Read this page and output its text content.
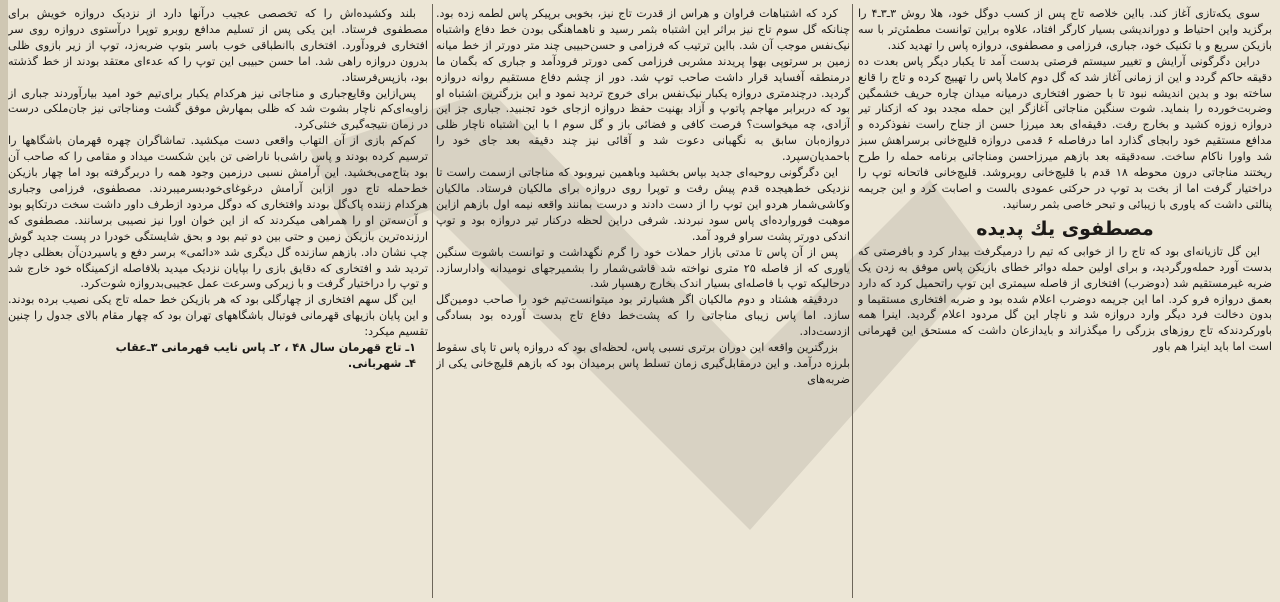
سوی یکه‌تازی آغاز کند. بااین خلاصه تاج پس از کسب دوگل خود، هلا روش ۳ـ۳ـ۴ را برگزید واین احتیاط و دوراندیشی بسیار کارگر افتاد، علاوه براین توانست مطمئن‌تر با سه بازیکن سریع و با تکنیک خود، جباری، فرزامی و مصطفوی، دروازه پاس را تهدید کند.

دراین دگرگونی آرایش و تغییر سیستم فرصتی بدست آمد تا یکبار دیگر پاس بعدت ده دقیقه حاکم گردد و این از زمانی آغاز شد که گل دوم کاملا پاس را تهییج کرده و تاج را قانع ساخته بود و بدین اندیشه نبود تا با حضور افتخاری درمیانه میدان چاره حریف خشمگین وضربت‌خورده را بنماید. شوت سنگین مناجاتی آغازگر این حمله مجدد بود که ازکنار تیر دروازه زوزه کشید و بخارج رفت. دقیقه‌ای بعد میرزا حسن از جناح راست نفوذکرده و مدافع مستقیم خود رابجای گذارد اما درفاصله ۶ قدمی دروازه قلیچ‌خانی برسراهش سبز شد واورا ناکام ساخت. سه‌دقیقه بعد بازهم میرزاحسن ومناجاتی برنامه حمله را طرح ریختند مناجاتی درون محوطه ۱۸ قدم با قلیچ‌خانی روبروشد. قلیچ‌خانی فاتحانه توپ را دراختیار گرفت اما از بخت بد توپ در حرکتی عمودی بالست و اصابت کرد و این جریمه پنالتی داشت که یاوری با زیبائی و تبحر خاصی بثمر رسانید.

مصطفوی یك پدیده

این گل تازیانه‌ای بود که تاج را از خوابی که تیم را درمیگرفت بیدار کرد و بافرصتی که بدست آورد حمله‌ورگردید، و برای اولین حمله دوائر خطای بازیکن پاس موفق به زدن یک ضربه غیرمستقیم شد (دوضرب) افتخاری از فاصله سیمتری این توپ راتحمیل کرد که دارد بعمق دروازه فرو کرد. اما این جریمه دوضرب اعلام شده بود و ضربه افتخاری مستقیما و بدون دخالت فرد دیگر وارد دروازه شد و ناچار این گل مردود اعلام گردید. اینرا همه باورکردندکه تاج روزهای بزرگی را میگذراند و بایدازعان داشت که مستحق این قهرمانی است اما باید اینرا هم باور

کرد که اشتباهات فراوان و هراس از قدرت تاج نیز، بخوبی برپیکر پاس لطمه زده بود. چنانکه گل سوم تاج نیز براثر این اشتباه بثمر رسید و ناهماهنگی بودن خط دفاع واشتباه نیک‌نفس موجب آن شد. بااین ترتیب که فرزامی و حسن‌حبیبی چند متر دورتر از خط میانه زمین بر سرتوپی بهوا پریدند مشربی فرزامی کمی دورتر فرودآمد و جباری که بگمان ما درمنطقه آفساید قرار داشت صاحب توپ شد. دور از چشم دفاع مستقیم روانه دروازه گردید. درچندمتری دروازه یکبار نیک‌نفس برای خروج تردید نمود و این بزرگترین اشتباه او بود که دربرابر مهاجم پاتوپ و آزاد بهنیت حفظ دروازه ازجای خود تجنبید. جباری جز این آزادی، چه میخواست؟ فرصت کافی و فضائی باز و گل سوم ا با این اشتباه ناچار ظلی دروازه‌بان سابق به نگهبانی دعوت شد و آقائی نیز چند دقیقه بعد جای خود را باحمدیان‌سپرد.

این دگرگونی روحیه‌ای جدید بپاس بخشید وباهمین نیروبود که مناجاتی ازسمت راست تا نزدیکی خط‌هیجده قدم پیش رفت و توپرا روی دروازه برای مالکیان فرستاد. مالکیان وکاشی‌شمار هردو این توپ را از دست دادند و درست بمانند واقعه نیمه اول بازهم ازاین موهبت فوروارده‌ای پاس سود نبردند. شرفی دراین لحظه درکنار تیر دروازه بود و توپ اندکی دورتر پشت سراو فرود آمد.

پس از آن پاس تا مدتی بازار حملات خود را گرم نگهداشت و توانست باشوت سنگین یاوری که از فاصله ۲۵ متری نواخته شد قاشی‌شمار را بشمیرجهای نومیدانه وادارسازد. درحالیکه توپ با فاصله‌ای بسیار اندک بخارج رهسپار شد.

دردقیقه هشتاد و دوم مالکیان اگر هشیارتر بود میتوانست‌تیم خود را صاحب دومین‌گل سازد. اما پاس زیبای مناجاتی را که پشت‌خط دفاع تاج بدست آورده بود بسادگی ازدست‌داد.

بزرگترین واقعه این دوران برتری نسبی پاس، لحظه‌ای بود که دروازه پاس تا پای سقوط بلرزه درآمد. و این درمقابل‌گیری زمان تسلط پاس برمیدان بود که بازهم قلیچ‌خانی یکی از ضربه‌های

بلند وکشیده‌اش را که تخصصی عجیب درآنها دارد از نزدیک دروازه خویش برای مصطفوی فرستاد. این یکی پس از تسلیم مدافع روبرو توپرا درآستوی دروازه روی سر افتخاری فرودآورد. افتخاری باانطباقی خوب باسر بتوپ ضربه‌زد، توپ از زیر بازوی ظلی بدرون دروازه راهی شد. اما حسن حبیبی این توپ را که عدء‌ای معتقد بودند از خط گذشته بود، بازپس‌فرستاد.

پس‌ازاین وقایع‌جباری و مناجاتی نیز هرکدام یکبار برای‌تیم خود امید بیارآوردند جباری از زاویه‌ای‌کم ناچار بشوت شد که ظلی بمهارش موفق گشت ومناجاتی نیز جان‌ملکی درست در زمان نتیجه‌گیری خنثی‌کرد.

کم‌کم بازی از آن التهاب واقعی دست میکشید. تماشاگران چهره قهرمان باشگاهها را ترسیم کرده بودند و پاس راشی‌با ناراضی تن باین شکست میداد و مقامی را که صاحب آن بود بتاج‌می‌بخشید. این آرامش نسبی درزمین وجود همه را دربرگرفته بود اما چهار بازیکن خط‌حمله تاج دور ازاین آرامش درغوغای‌خودبسرمیبردند. مصطفوی، فرزامی وجباری هرکدام زننده پاک‌گل بودند وافتخاری که دوگل مردود ازطرف داور داشت سخت درتکاپو بود و آن‌سه‌تن او را همراهی میکردند که از این خوان اورا نیز نصیبی برسانند. مصطفوی که ارزنده‌ترین بازیکن زمین و حتی بین دو تیم بود و بحق شایستگی خودرا در پست جدید گوش چپ نشان داد. بازهم سازنده گل دیگری شد «دائمی» برسر دفع و یاسیردن‌آن بعظلی دچار تردید شد و افتخاری که دقایق بازی را بپایان نزدیک میدید بلافاصله ازکمینگاه خود خارج شد و توپ را دراختیار گرفت و با زیرکی وسرعت عمل عجیبی‌بدروازه شوت‌کرد.

این گل سهم افتخاری از چهارگلی بود که هر بازیکن خط حمله تاج یکی نصیب برده بودند. و این پایان بازیهای قهرمانی فوتبال باشگاههای تهران بود که چهار مقام بالای جدول را چنین تقسیم میکرد:

۱ـ تاج قهرمان سال ۴۸ ، ۲ـ پاس نایب قهرمانی ۳ـ‌عقاب

۴ـ شهربانی.
